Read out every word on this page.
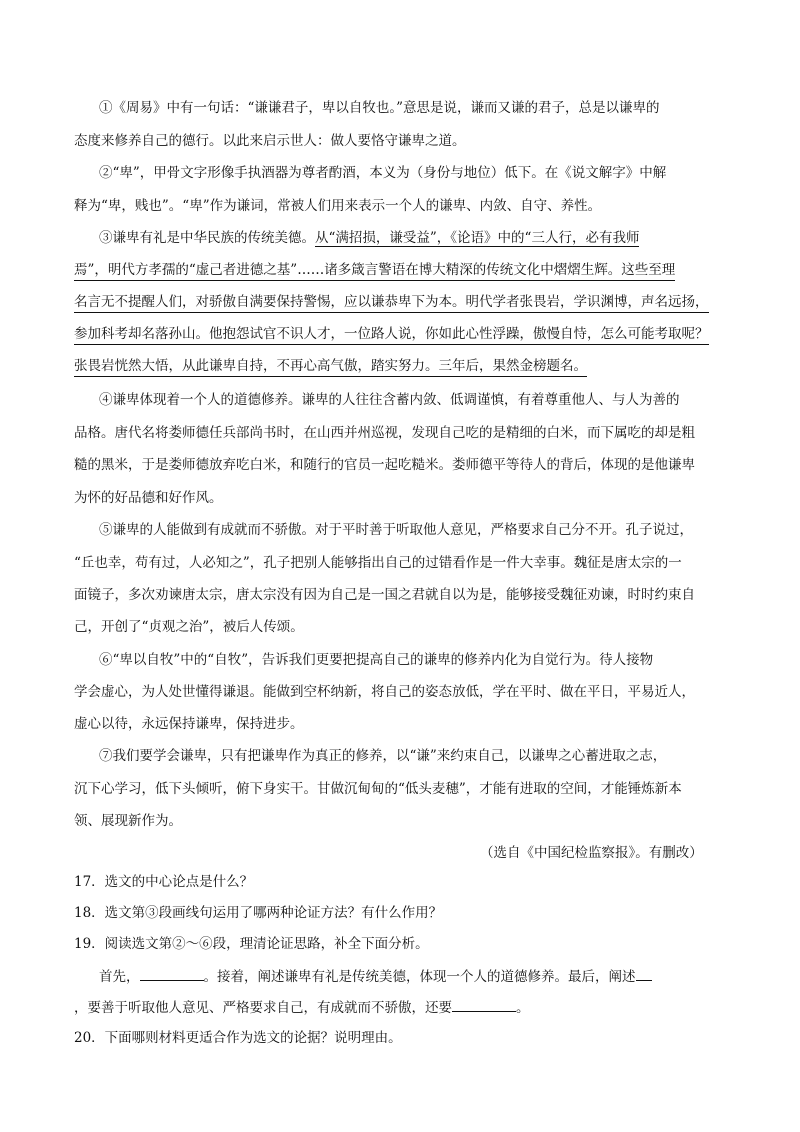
①《周易》中有一句话：“谦谦君子，卑以自牧也。”意思是说，谦而又谦的君子，总是以谦卑的
态度来修养自己的德行。以此来启示世人：做人要恪守谦卑之道。
②“卑”，甲骨文字形像手执酒器为尊者酌酒，本义为（身份与地位）低下。在《说文解字》中解
释为“卑，贱也”。“卑”作为谦词，常被人们用来表示一个人的谦卑、内敛、自守、养性。
③谦卑有礼是中华民族的传统美德。从“满招损，谦受益”，《论语》中的“三人行，必有我师
焉”，明代方孝孺的“虚己者进德之基”……诸多箴言警语在博大精深的传统文化中熠熠生辉。这些至理
名言无不提醒人们，对骄傲自满要保持警惕，应以谦恭卑下为本。明代学者张畏岩，学识渊博，声名远扬，
参加科考却名落孙山。他抱怨试官不识人才，一位路人说，你如此心性浮躁，傲慢自恃，怎么可能考取呢？
张畏岩恍然大悟，从此谦卑自持，不再心高气傲，踏实努力。三年后，果然金榜题名。
④谦卑体现着一个人的道德修养。谦卑的人往往含蓄内敛、低调谨慎，有着尊重他人、与人为善的
品格。唐代名将娄师德任兵部尚书时，在山西并州巡视，发现自己吃的是精细的白米，而下属吃的却是粗
糙的黑米，于是娄师德放弃吃白米，和随行的官员一起吃糙米。娄师德平等待人的背后，体现的是他谦卑
为怀的好品德和好作风。
⑤谦卑的人能做到有成就而不骄傲。对于平时善于听取他人意见，严格要求自己分不开。孔子说过，
“丘也幸，苟有过，人必知之”，孔子把别人能够指出自己的过错看作是一件大幸事。魏征是唐太宗的一
面镜子，多次劝谏唐太宗，唐太宗没有因为自己是一国之君就自以为是，能够接受魏征劝谏，时时约束自
己，开创了“贞观之治”，被后人传颂。
⑥“卑以自牧”中的“自牧”，告诉我们更要把提高自己的谦卑的修养内化为自觉行为。待人接物
学会虚心，为人处世懂得谦退。能做到空杯纳新，将自己的姿态放低，学在平时、做在平日，平易近人，
虚心以待，永远保持谦卑，保持进步。
⑦我们要学会谦卑，只有把谦卑作为真正的修养，以“谦”来约束自己，以谦卑之心蓄进取之志，
沉下心学习，低下头倾听，俯下身实干。甘做沉甸甸的“低头麦穗”，才能有进取的空间，才能锤炼新本
领、展现新作为。
（选自《中国纪检监察报》。有删改）
17．选文的中心论点是什么？
18．选文第③段画线句运用了哪两种论证方法？有什么作用？
19．阅读选文第②～⑥段，理清论证思路，补全下面分析。
首先，	。接着，阐述谦卑有礼是传统美德，体现一个人的道德修养。最后，阐述
，要善于听取他人意见、严格要求自己，有成就而不骄傲，还要	。
20．下面哪则材料更适合作为选文的论据？说明理由。
